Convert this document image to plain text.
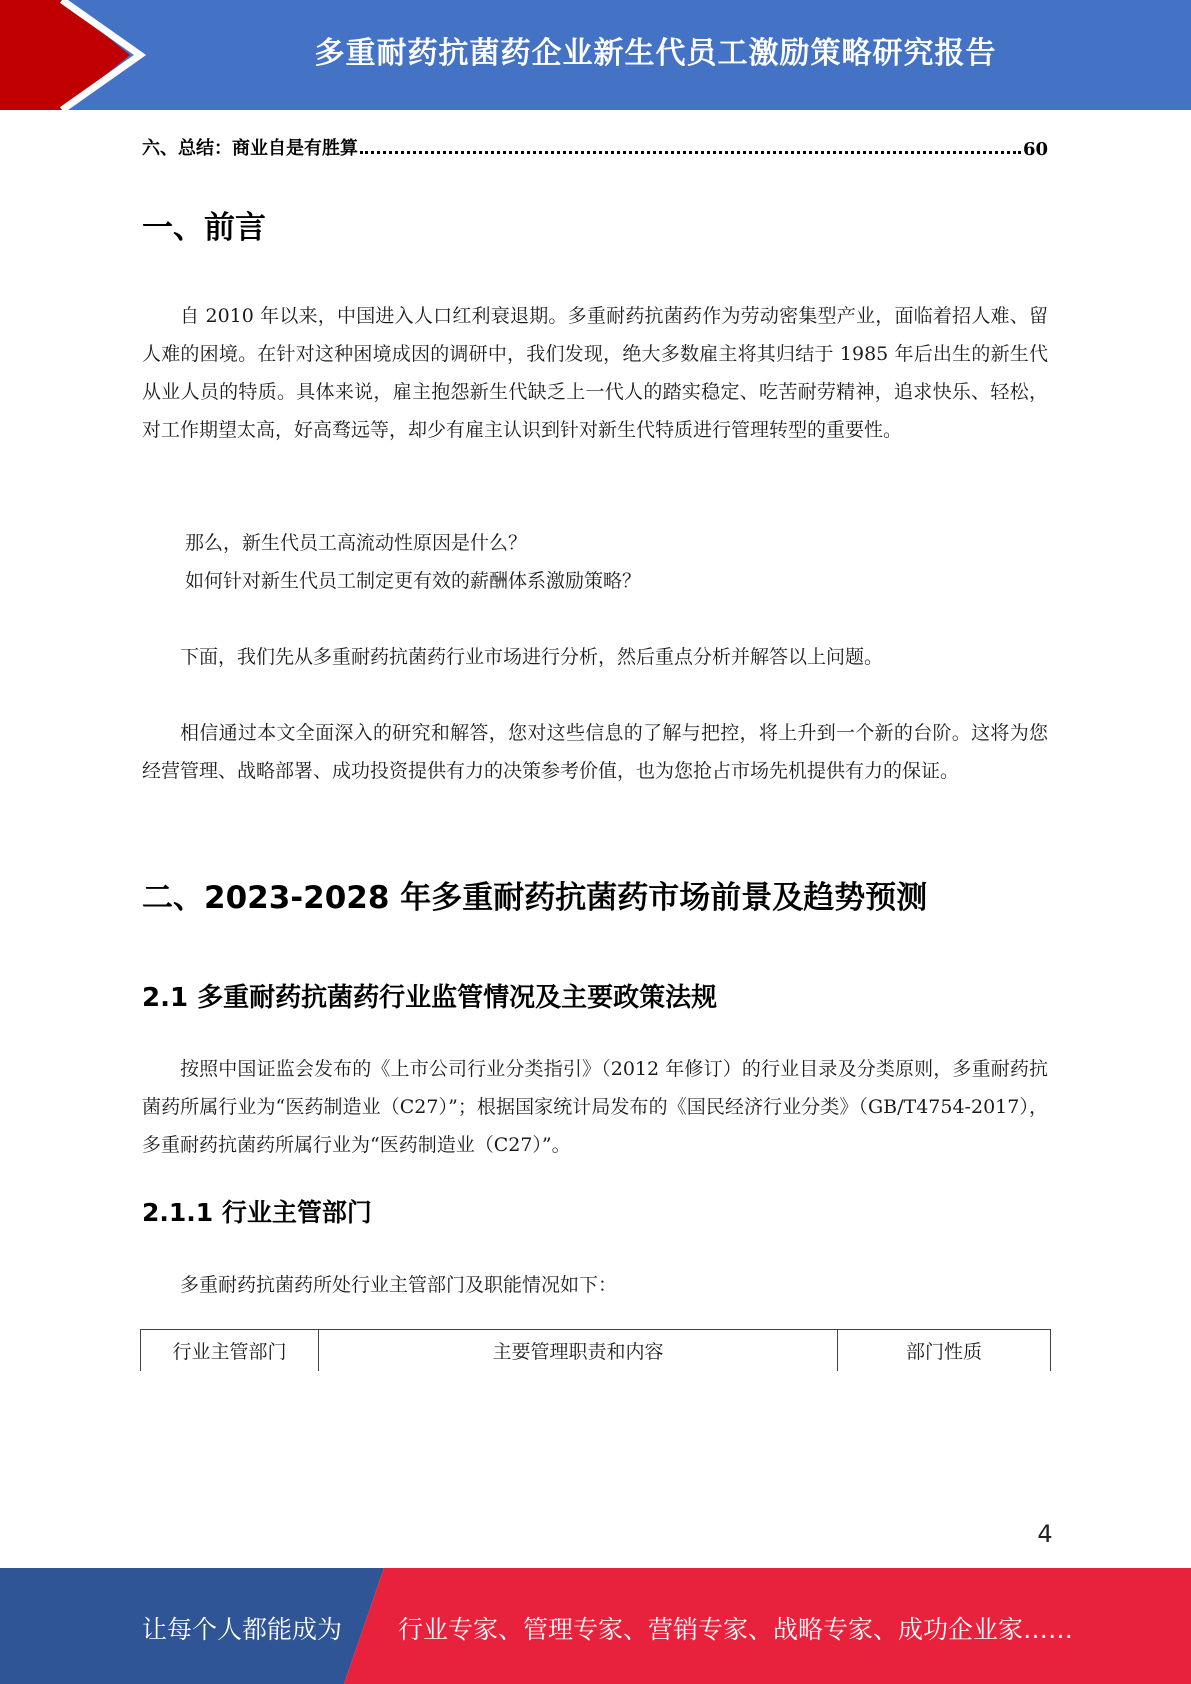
多重耐药抗菌药企业新生代员工激励策略研究报告
六、总结：商业自是有胜算	60
一、前言

自 2010 年以来，中国进入人口红利衰退期。多重耐药抗菌药作为劳动密集型产业，面临着招人难、留人难的困境。在针对这种困境成因的调研中，我们发现，绝大多数雇主将其归结于 1985 年后出生的新生代从业人员的特质。具体来说，雇主抱怨新生代缺乏上一代人的踏实稳定、吃苦耐劳精神，追求快乐、轻松，对工作期望太高，好高骛远等，却少有雇主认识到针对新生代特质进行管理转型的重要性。

那么，新生代员工高流动性原因是什么？

如何针对新生代员工制定更有效的薪酬体系激励策略？

下面，我们先从多重耐药抗菌药行业市场进行分析，然后重点分析并解答以上问题。

相信通过本文全面深入的研究和解答，您对这些信息的了解与把控，将上升到一个新的台阶。这将为您经营管理、战略部署、成功投资提供有力的决策参考价值，也为您抢占市场先机提供有力的保证。

二、2023-2028 年多重耐药抗菌药市场前景及趋势预测
2.1 多重耐药抗菌药行业监管情况及主要政策法规

按照中国证监会发布的《上市公司行业分类指引》（2012 年修订）的行业目录及分类原则，多重耐药抗菌药所属行业为“医药制造业（C27）”；根据国家统计局发布的《国民经济行业分类》（GB/T4754-2017），多重耐药抗菌药所属行业为“医药制造业（C27）”。

2.1.1 行业主管部门

多重耐药抗菌药所处行业主管部门及职能情况如下：

行业主管部门	主要管理职责和内容	部门性质
4
让每个人都能成为 行业专家、管理专家、营销专家、战略专家、成功企业家……
